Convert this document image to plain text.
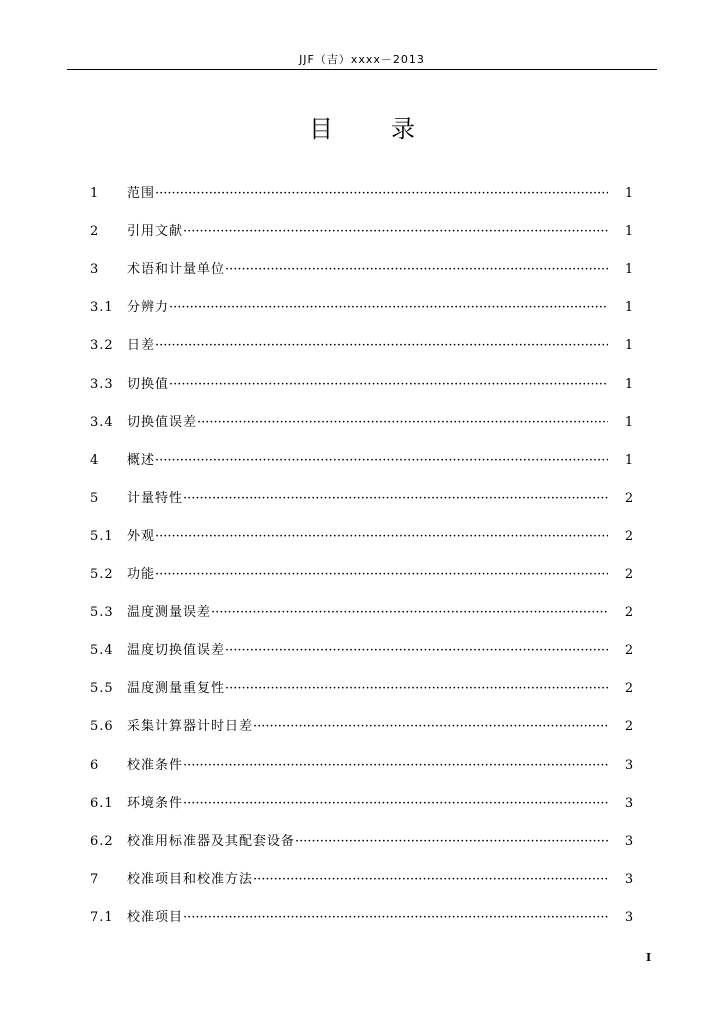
JJF（吉）xxxx－2013
目 录
1 范围 ·····	1
2 引用文献 ·····	1
3 术语和计量单位 ·····	1
3.1 分辨力 ·····	1
3.2 日差 ·····	1
3.3 切换值 ·····	1
3.4 切换值误差 ·····	1
4 概述 ·····	1
5 计量特性 ·····	2
5.1 外观 ·····	2
5.2 功能 ·····	2
5.3 温度测量误差 ·····	2
5.4 温度切换值误差 ·····	2
5.5 温度测量重复性 ·····	2
5.6 采集计算器计时日差 ·····	2
6 校准条件 ·····	3
6.1 环境条件 ·····	3
6.2 校准用标准器及其配套设备 ·····	3
7 校准项目和校准方法 ·····	3
7.1 校准项目 ·····	3
I
